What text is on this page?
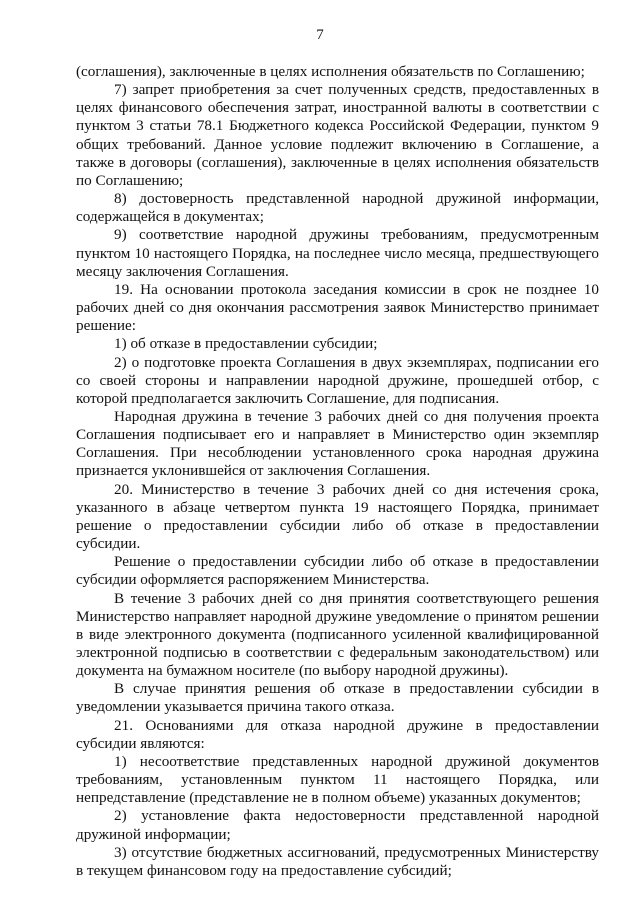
7

(соглашения), заключенные в целях исполнения обязательств по Соглашению;

7) запрет приобретения за счет полученных средств, предоставленных в целях финансового обеспечения затрат, иностранной валюты в соответствии с пунктом 3 статьи 78.1 Бюджетного кодекса Российской Федерации, пунктом 9 общих требований. Данное условие подлежит включению в Соглашение, а также в договоры (соглашения), заключенные в целях исполнения обязательств по Соглашению;

8) достоверность представленной народной дружиной информации, содержащейся в документах;

9) соответствие народной дружины требованиям, предусмотренным пунктом 10 настоящего Порядка, на последнее число месяца, предшествующего месяцу заключения Соглашения.

19. На основании протокола заседания комиссии в срок не позднее 10 рабочих дней со дня окончания рассмотрения заявок Министерство принимает решение:

1) об отказе в предоставлении субсидии;

2) о подготовке проекта Соглашения в двух экземплярах, подписании его со своей стороны и направлении народной дружине, прошедшей отбор, с которой предполагается заключить Соглашение, для подписания.

Народная дружина в течение 3 рабочих дней со дня получения проекта Соглашения подписывает его и направляет в Министерство один экземпляр Соглашения. При несоблюдении установленного срока народная дружина признается уклонившейся от заключения Соглашения.

20. Министерство в течение 3 рабочих дней со дня истечения срока, указанного в абзаце четвертом пункта 19 настоящего Порядка, принимает решение о предоставлении субсидии либо об отказе в предоставлении субсидии.

Решение о предоставлении субсидии либо об отказе в предоставлении субсидии оформляется распоряжением Министерства.

В течение 3 рабочих дней со дня принятия соответствующего решения Министерство направляет народной дружине уведомление о принятом решении в виде электронного документа (подписанного усиленной квалифицированной электронной подписью в соответствии с федеральным законодательством) или документа на бумажном носителе (по выбору народной дружины).

В случае принятия решения об отказе в предоставлении субсидии в уведомлении указывается причина такого отказа.

21. Основаниями для отказа народной дружине в предоставлении субсидии являются:

1) несоответствие представленных народной дружиной документов требованиям, установленным пунктом 11 настоящего Порядка, или непредставление (представление не в полном объеме) указанных документов;

2) установление факта недостоверности представленной народной дружиной информации;

3) отсутствие бюджетных ассигнований, предусмотренных Министерству в текущем финансовом году на предоставление субсидий;
